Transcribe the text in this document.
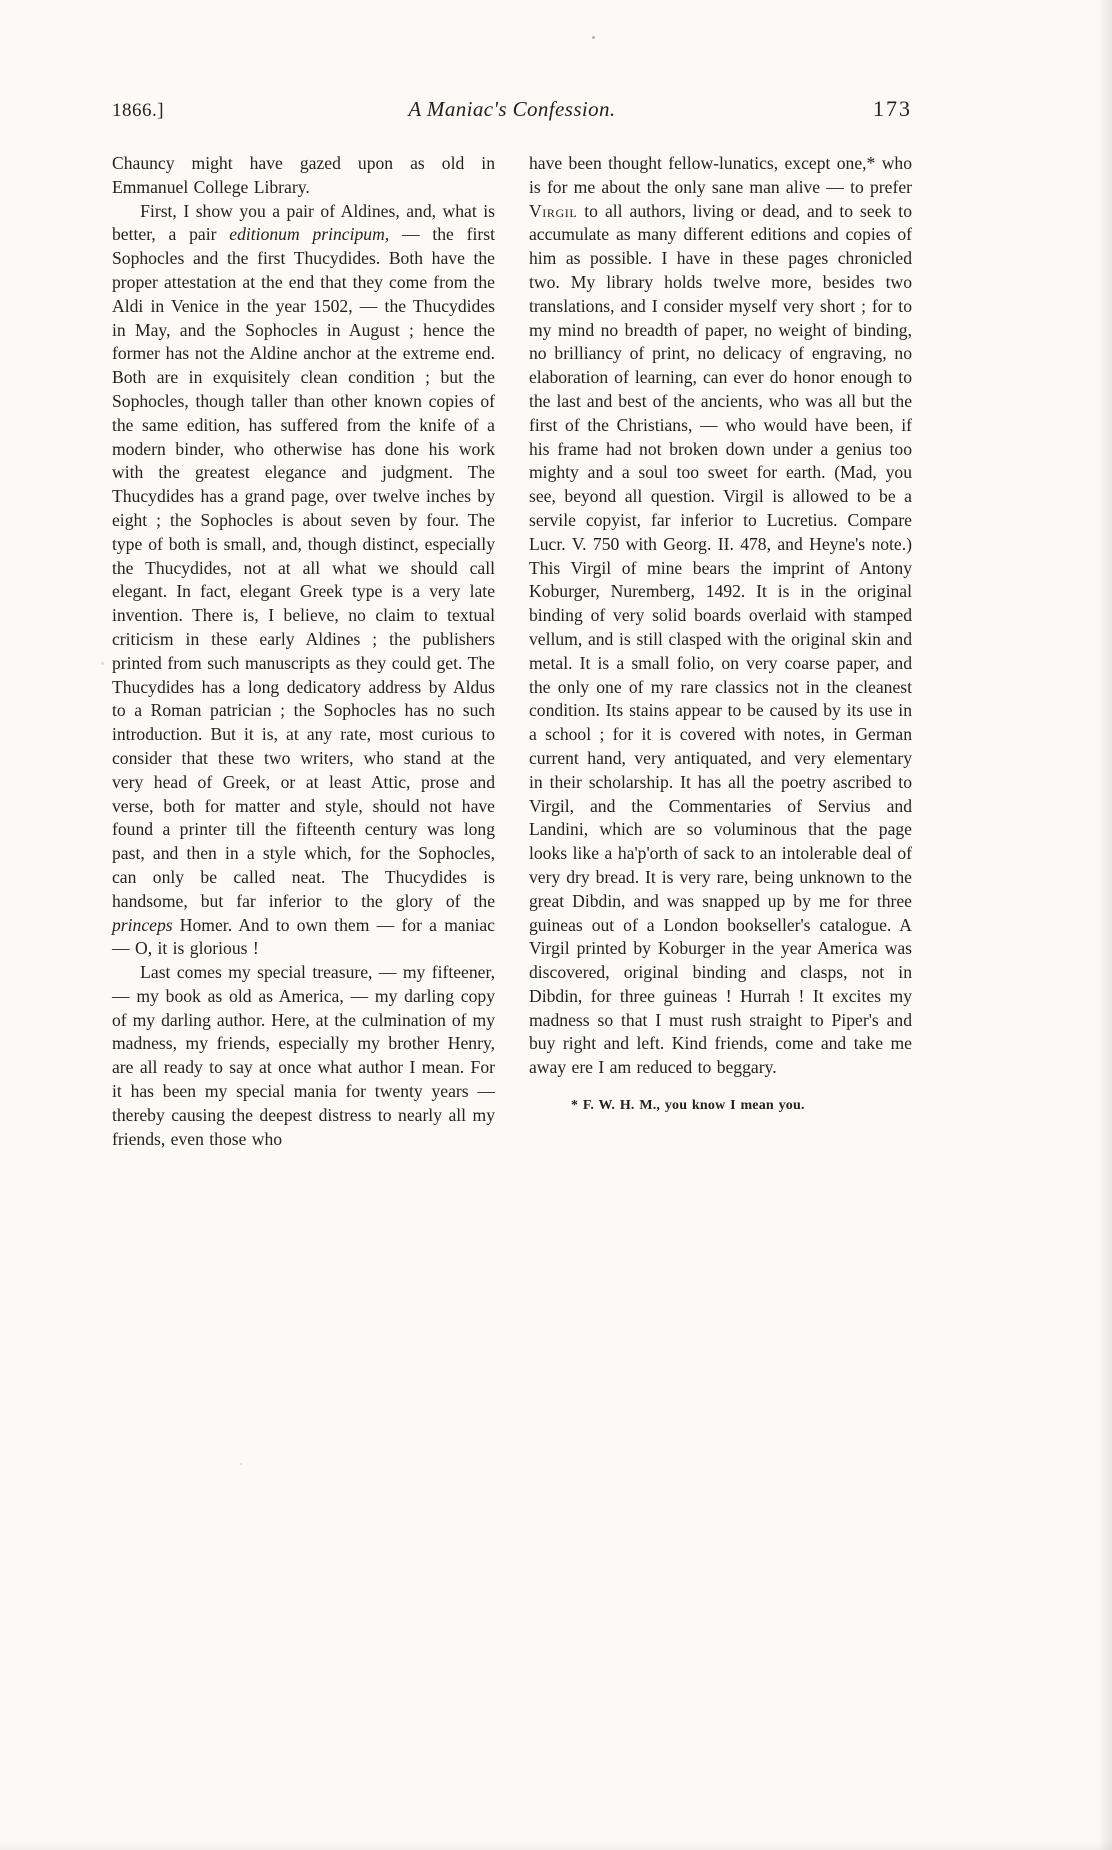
1866.]	A Maniac's Confession.	173

Chauncy might have gazed upon as old in Emmanuel College Library.

First, I show you a pair of Aldines, and, what is better, a pair editionum principum, — the first Sophocles and the first Thucydides. Both have the proper attestation at the end that they come from the Aldi in Venice in the year 1502, — the Thucydides in May, and the Sophocles in August ; hence the former has not the Aldine anchor at the extreme end. Both are in exquisitely clean condition ; but the Sophocles, though taller than other known copies of the same edition, has suffered from the knife of a modern binder, who otherwise has done his work with the greatest elegance and judgment. The Thucydides has a grand page, over twelve inches by eight ; the Sophocles is about seven by four. The type of both is small, and, though distinct, especially the Thucydides, not at all what we should call elegant. In fact, elegant Greek type is a very late invention. There is, I believe, no claim to textual criticism in these early Aldines ; the publishers printed from such manuscripts as they could get. The Thucydides has a long dedicatory address by Aldus to a Roman patrician ; the Sophocles has no such introduction. But it is, at any rate, most curious to consider that these two writers, who stand at the very head of Greek, or at least Attic, prose and verse, both for matter and style, should not have found a printer till the fifteenth century was long past, and then in a style which, for the Sophocles, can only be called neat. The Thucydides is handsome, but far inferior to the glory of the princeps Homer. And to own them — for a maniac — O, it is glorious !

Last comes my special treasure, — my fifteener, — my book as old as America, — my darling copy of my darling author. Here, at the culmination of my madness, my friends, especially my brother Henry, are all ready to say at once what author I mean. For it has been my special mania for twenty years — thereby causing the deepest distress to nearly all my friends, even those who

have been thought fellow-lunatics, except one,* who is for me about the only sane man alive — to prefer Virgil to all authors, living or dead, and to seek to accumulate as many different editions and copies of him as possible. I have in these pages chronicled two. My library holds twelve more, besides two translations, and I consider myself very short ; for to my mind no breadth of paper, no weight of binding, no brilliancy of print, no delicacy of engraving, no elaboration of learning, can ever do honor enough to the last and best of the ancients, who was all but the first of the Christians, — who would have been, if his frame had not broken down under a genius too mighty and a soul too sweet for earth. (Mad, you see, beyond all question. Virgil is allowed to be a servile copyist, far inferior to Lucretius. Compare Lucr. V. 750 with Georg. II. 478, and Heyne's note.) This Virgil of mine bears the imprint of Antony Koburger, Nuremberg, 1492. It is in the original binding of very solid boards overlaid with stamped vellum, and is still clasped with the original skin and metal. It is a small folio, on very coarse paper, and the only one of my rare classics not in the cleanest condition. Its stains appear to be caused by its use in a school ; for it is covered with notes, in German current hand, very antiquated, and very elementary in their scholarship. It has all the poetry ascribed to Virgil, and the Commentaries of Servius and Landini, which are so voluminous that the page looks like a ha'p'orth of sack to an intolerable deal of very dry bread. It is very rare, being unknown to the great Dibdin, and was snapped up by me for three guineas out of a London bookseller's catalogue. A Virgil printed by Koburger in the year America was discovered, original binding and clasps, not in Dibdin, for three guineas ! Hurrah ! It excites my madness so that I must rush straight to Piper's and buy right and left. Kind friends, come and take me away ere I am reduced to beggary.

* F. W. H. M., you know I mean you.
